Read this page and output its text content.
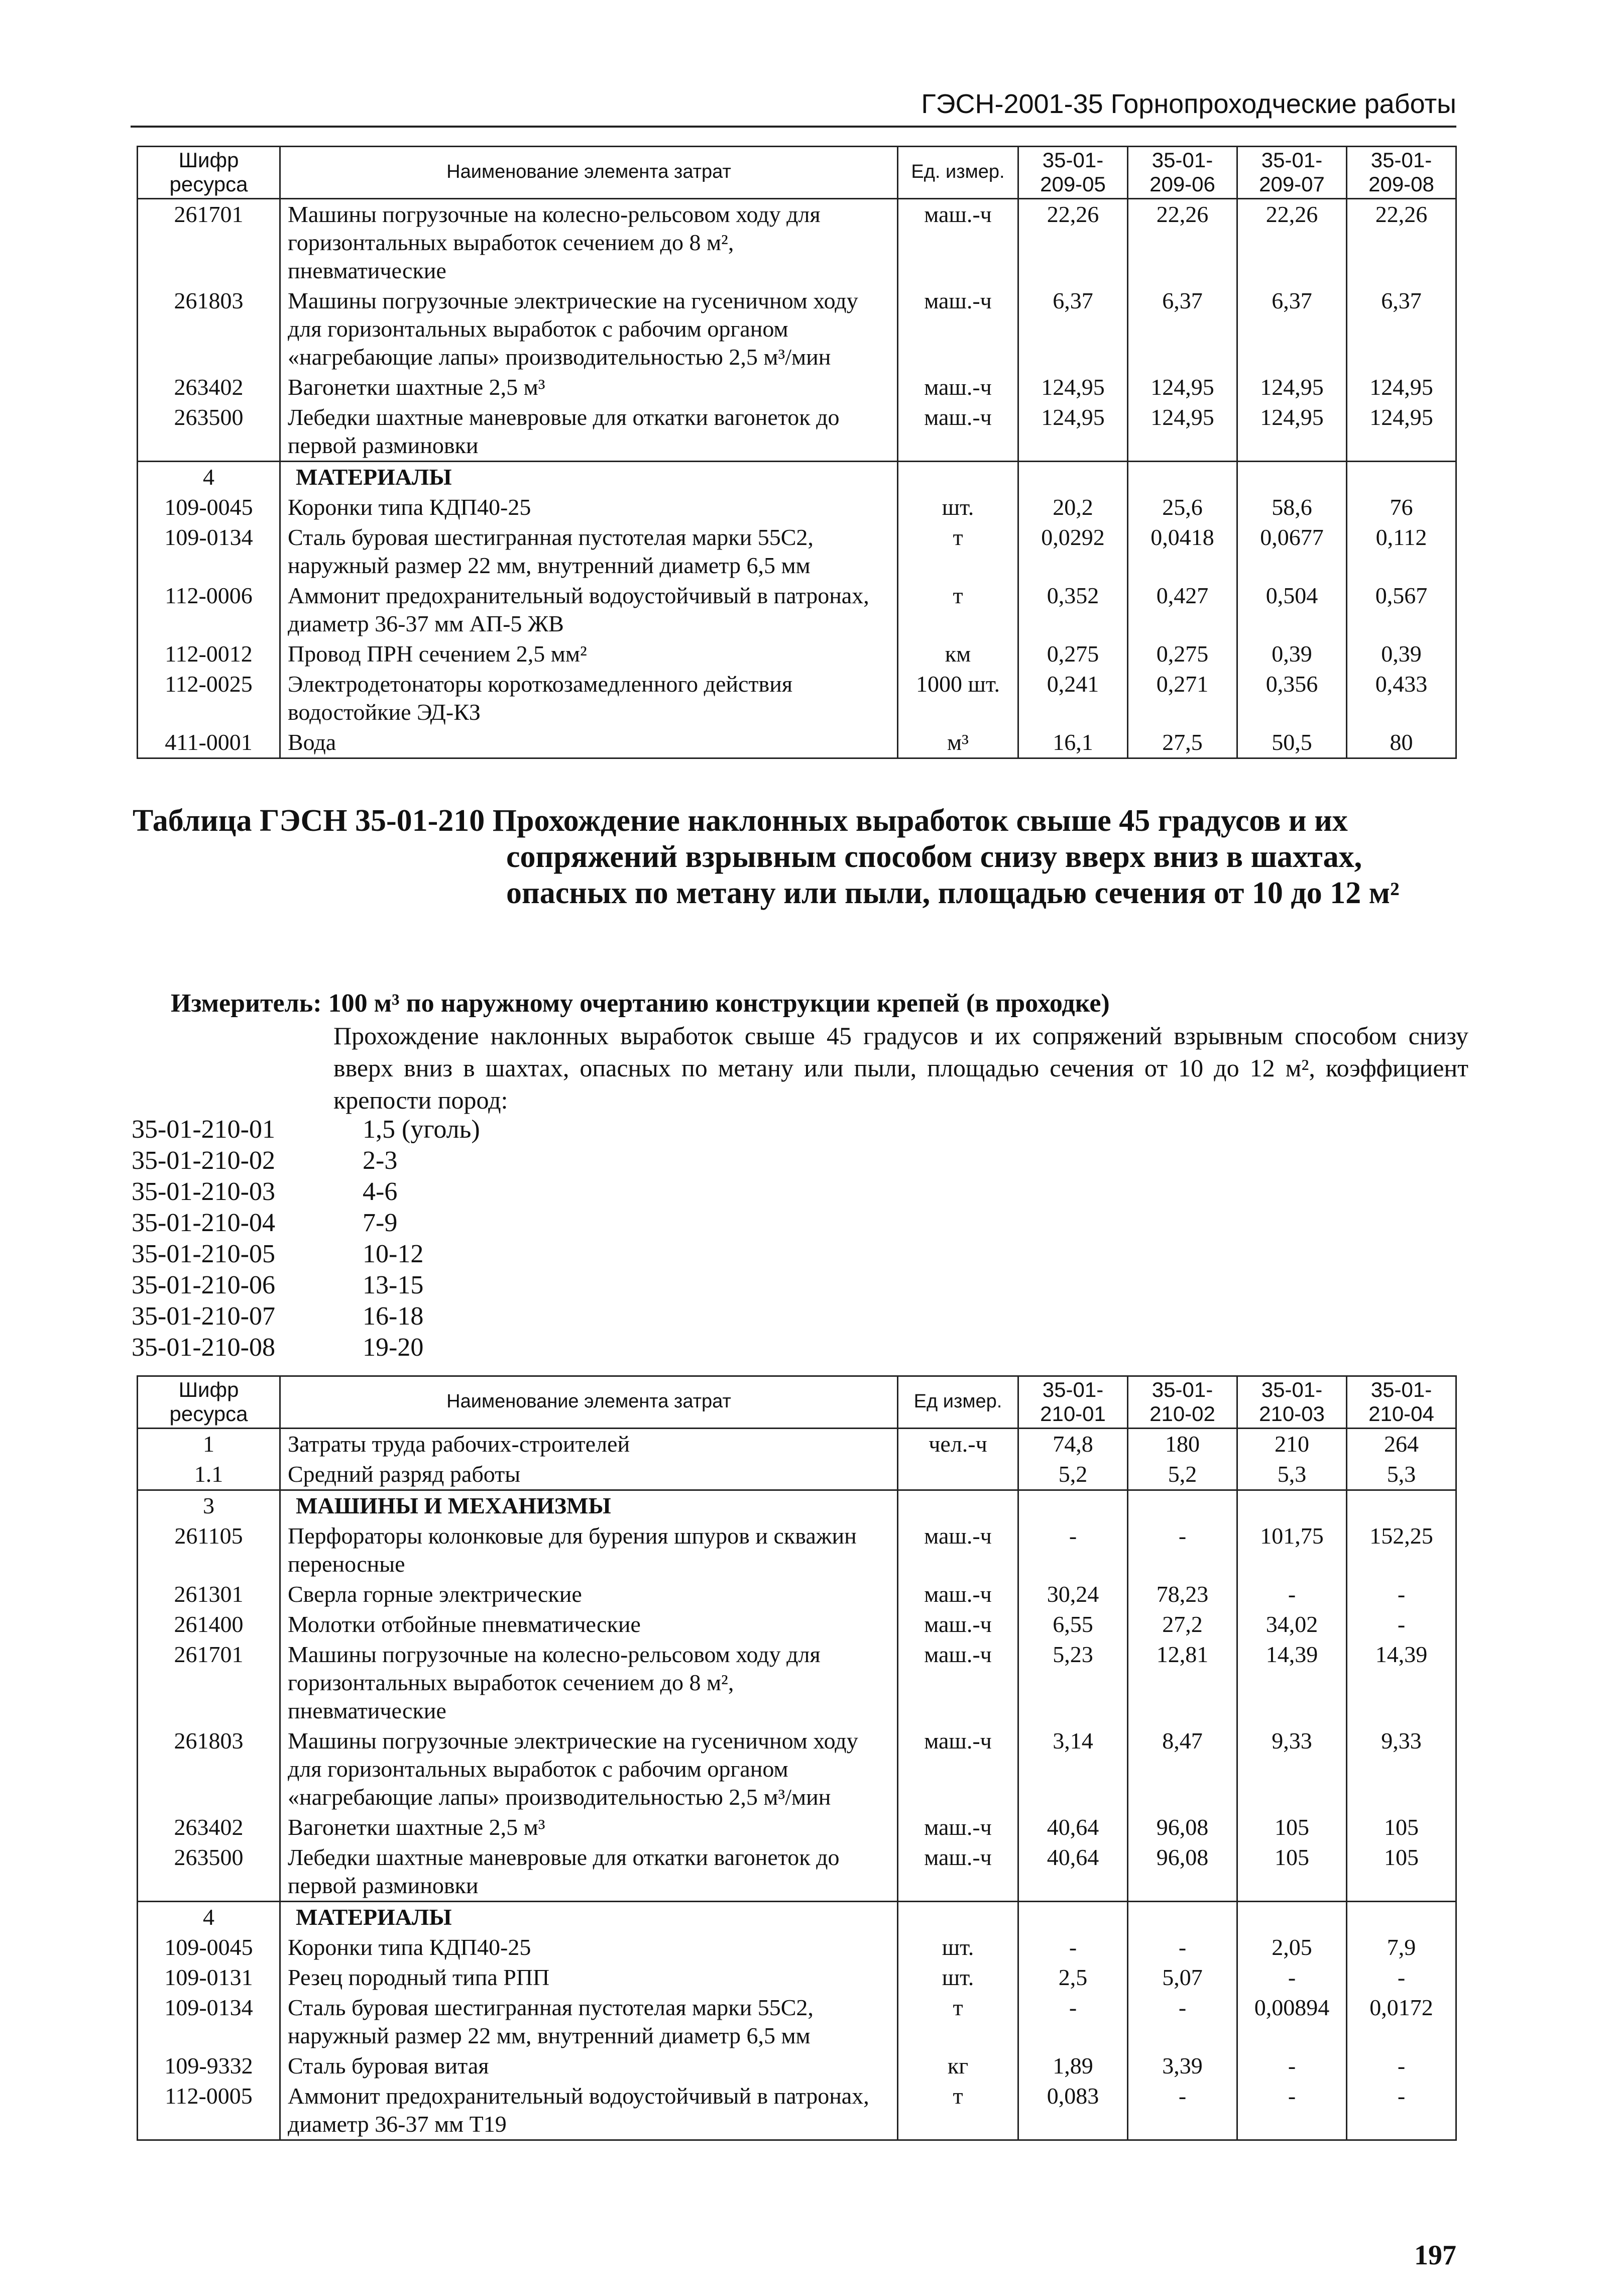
ГЭСН-2001-35 Горнопроходческие работы
Шифр ресурса	Наименование элемента затрат	Ед. измер.	35-01-209-05	35-01-209-06	35-01-209-07	35-01-209-08
261701	Машины погрузочные на колесно-рельсовом ходу для горизонтальных выработок сечением до 8 м², пневматические	маш.-ч	22,26	22,26	22,26	22,26
261803	Машины погрузочные электрические на гусеничном ходу для горизонтальных выработок с рабочим органом «нагребающие лапы» производительностью 2,5 м³/мин	маш.-ч	6,37	6,37	6,37	6,37
263402	Вагонетки шахтные 2,5 м³	маш.-ч	124,95	124,95	124,95	124,95
263500	Лебедки шахтные маневровые для откатки вагонеток до первой разминовки	маш.-ч	124,95	124,95	124,95	124,95
4	МАТЕРИАЛЫ					
109-0045	Коронки типа КДП40-25	шт.	20,2	25,6	58,6	76
109-0134	Сталь буровая шестигранная пустотелая марки 55С2, наружный размер 22 мм, внутренний диаметр 6,5 мм	т	0,0292	0,0418	0,0677	0,112
112-0006	Аммонит предохранительный водоустойчивый в патронах, диаметр 36-37 мм АП-5 ЖВ	т	0,352	0,427	0,504	0,567
112-0012	Провод ПРН сечением 2,5 мм²	км	0,275	0,275	0,39	0,39
112-0025	Электродетонаторы короткозамедленного действия водостойкие ЭД-КЗ	1000 шт.	0,241	0,271	0,356	0,433
411-0001	Вода	м³	16,1	27,5	50,5	80
Таблица ГЭСН 35-01-210 Прохождение наклонных выработок свыше 45 градусов и их
сопряжений взрывным способом снизу вверх вниз в шахтах, опасных по метану или пыли, площадью сечения от 10 до 12 м²
Измеритель: 100 м³ по наружному очертанию конструкции крепей (в проходке)
Прохождение наклонных выработок свыше 45 градусов и их сопряжений взрывным способом снизу вверх вниз в шахтах, опасных по метану или пыли, площадью сечения от 10 до 12 м², коэффициент крепости пород:
35-01-210-01	1,5 (уголь)
35-01-210-02	2-3
35-01-210-03	4-6
35-01-210-04	7-9
35-01-210-05	10-12
35-01-210-06	13-15
35-01-210-07	16-18
35-01-210-08	19-20
Шифр ресурса	Наименование элемента затрат	Ед измер.	35-01-210-01	35-01-210-02	35-01-210-03	35-01-210-04
1	Затраты труда рабочих-строителей	чел.-ч	74,8	180	210	264
1.1	Средний разряд работы		5,2	5,2	5,3	5,3
3	МАШИНЫ И МЕХАНИЗМЫ					
261105	Перфораторы колонковые для бурения шпуров и скважин переносные	маш.-ч	-	-	101,75	152,25
261301	Сверла горные электрические	маш.-ч	30,24	78,23	-	-
261400	Молотки отбойные пневматические	маш.-ч	6,55	27,2	34,02	-
261701	Машины погрузочные на колесно-рельсовом ходу для горизонтальных выработок сечением до 8 м², пневматические	маш.-ч	5,23	12,81	14,39	14,39
261803	Машины погрузочные электрические на гусеничном ходу для горизонтальных выработок с рабочим органом «нагребающие лапы» производительностью 2,5 м³/мин	маш.-ч	3,14	8,47	9,33	9,33
263402	Вагонетки шахтные 2,5 м³	маш.-ч	40,64	96,08	105	105
263500	Лебедки шахтные маневровые для откатки вагонеток до первой разминовки	маш.-ч	40,64	96,08	105	105
4	МАТЕРИАЛЫ					
109-0045	Коронки типа КДП40-25	шт.	-	-	2,05	7,9
109-0131	Резец породный типа РПП	шт.	2,5	5,07	-	-
109-0134	Сталь буровая шестигранная пустотелая марки 55С2, наружный размер 22 мм, внутренний диаметр 6,5 мм	т	-	-	0,00894	0,0172
109-9332	Сталь буровая витая	кг	1,89	3,39	-	-
112-0005	Аммонит предохранительный водоустойчивый в патронах, диаметр 36-37 мм Т19	т	0,083	-	-	-
197
